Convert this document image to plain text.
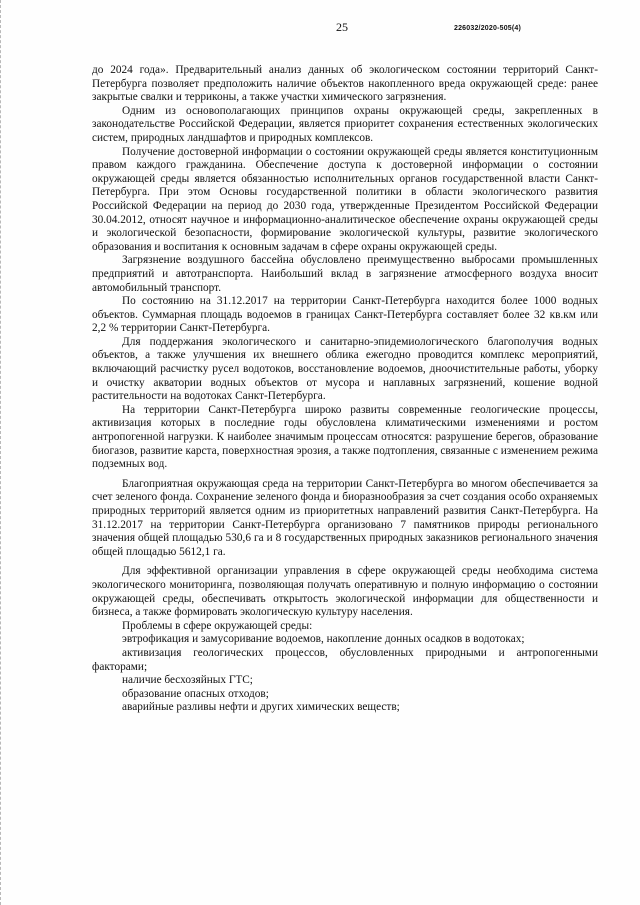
25	226032/2020-505(4)

до 2024 года». Предварительный анализ данных об экологическом состоянии территорий Санкт-Петербурга позволяет предположить наличие объектов накопленного вреда окружающей среде: ранее закрытые свалки и терриконы, а также участки химического загрязнения.

Одним из основополагающих принципов охраны окружающей среды, закрепленных в законодательстве Российской Федерации, является приоритет сохранения естественных экологических систем, природных ландшафтов и природных комплексов.

Получение достоверной информации о состоянии окружающей среды является конституционным правом каждого гражданина. Обеспечение доступа к достоверной информации о состоянии окружающей среды является обязанностью исполнительных органов государственной власти Санкт-Петербурга. При этом Основы государственной политики в области экологического развития Российской Федерации на период до 2030 года, утвержденные Президентом Российской Федерации 30.04.2012, относят научное и информационно-аналитическое обеспечение охраны окружающей среды и экологической безопасности, формирование экологической культуры, развитие экологического образования и воспитания к основным задачам в сфере охраны окружающей среды.

Загрязнение воздушного бассейна обусловлено преимущественно выбросами промышленных предприятий и автотранспорта. Наибольший вклад в загрязнение атмосферного воздуха вносит автомобильный транспорт.

По состоянию на 31.12.2017 на территории Санкт-Петербурга находится более 1000 водных объектов. Суммарная площадь водоемов в границах Санкт-Петербурга составляет более 32 кв.км или 2,2 % территории Санкт-Петербурга.

Для поддержания экологического и санитарно-эпидемиологического благополучия водных объектов, а также улучшения их внешнего облика ежегодно проводится комплекс мероприятий, включающий расчистку русел водотоков, восстановление водоемов, дноочистительные работы, уборку и очистку акватории водных объектов от мусора и наплавных загрязнений, кошение водной растительности на водотоках Санкт-Петербурга.

На территории Санкт-Петербурга широко развиты современные геологические процессы, активизация которых в последние годы обусловлена климатическими изменениями и ростом антропогенной нагрузки. К наиболее значимым процессам относятся: разрушение берегов, образование биогазов, развитие карста, поверхностная эрозия, а также подтопления, связанные с изменением режима подземных вод.

Благоприятная окружающая среда на территории Санкт-Петербурга во многом обеспечивается за счет зеленого фонда. Сохранение зеленого фонда и биоразнообразия за счет создания особо охраняемых природных территорий является одним из приоритетных направлений развития Санкт-Петербурга. На 31.12.2017 на территории Санкт-Петербурга организовано 7 памятников природы регионального значения общей площадью 530,6 га и 8 государственных природных заказников регионального значения общей площадью 5612,1 га.

Для эффективной организации управления в сфере окружающей среды необходима система экологического мониторинга, позволяющая получать оперативную и полную информацию о состоянии окружающей среды, обеспечивать открытость экологической информации для общественности и бизнеса, а также формировать экологическую культуру населения.

Проблемы в сфере окружающей среды:

эвтрофикация и замусоривание водоемов, накопление донных осадков в водотоках;

активизация геологических процессов, обусловленных природными и антропогенными факторами;

наличие бесхозяйных ГТС;

образование опасных отходов;

аварийные разливы нефти и других химических веществ;
